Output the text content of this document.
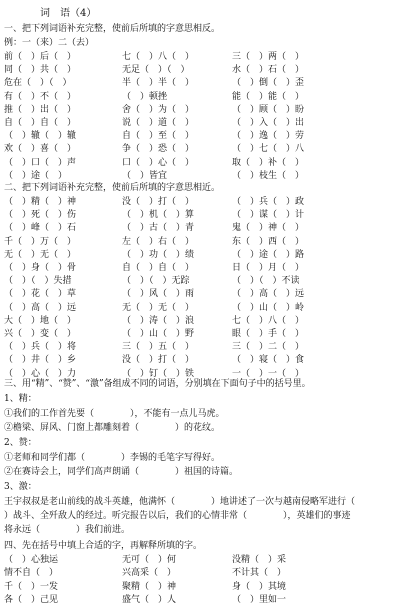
词　语（4）
一、把下列词语补充完整，使前后所填的字意思相反。
例：一（来）二（去）
前（　）后（　）	七（　）八（　）	三（　）两（　）
同（　）共（　）	无足（　）（　）	水（　）石（　）
危在（　）（　）	半（　）半（　）	（　）倒（　）歪
有（　）不（　）	（　）顿挫	能（　）能（　）
推（　）出（　）	舍（　）为（　）	（　）顾（　）盼
自（　）自（　）	说（　）道（　）	（　）入（　）出
（　）辙（　）辙	自（　）至（　）	（　）逸（　）劳
欢（　）喜（　）	争（　）恐（　）	（　）七（　）八
（　）口（　）声	口（　）心（　）	取（　）补（　）
（　）途（　）	（　）皆宜	（　）枝生（　）
二、把下列词语补充完整，使前后所填的字意思相近。
（　）精（　）神	没（　）打（　）	（　）兵（　）政
（　）死（　）伤	（　）机（　）算	（　）谋（　）计
（　）峰（　）石	（　）古（　）青	鬼（　）神（　）
千（　）万（　）	左（　）右（　）	东（　）西（　）
无（　）无（　）	（　）功（　）绩	（　）途（　）路
（　）身（　）骨	自（　）自（　）	日（　）月（　）
（　）（　）失措	（　）（　）无踪	（　）（　）不读
（　）花（　）草	（　）风（　）雨	（　）高（　）远
（　）高（　）远	无（　）无（　）	（　）山（　）岭
大（　）地（　）	（　）涛（　）浪	七（　）八（　）
兴（　）变（　）	（　）山（　）野	眼（　）手（　）
（　）兵（　）将	三（　）五（　）	三（　）二（　）
（　）井（　）乡	没（　）打（　）	（　）寝（　）食
（　）心（　）力	（　）钉（　）铁	一（　）一（　）
三、用“精”、“赞”、“激”备组成不同的词语，分别填在下面句子中的括号里。
1、精：
①我们的工作首先要（　　　　），不能有一点儿马虎。
②檐梁、屏风、门窗上都雕刻着（　　　　）的花纹。
2、赞：
①老师和同学们都（　　　　）李锡的毛笔字写得好。
②在赛诗会上，同学们高声朗诵（　　　　）祖国的诗篇。
3、激：
王宇叔叔是老山前线的战斗英雄，他满怀（　　　　）地讲述了一次与越南侵略军进行（
）战斗、全歼敌人的经过。听完报告以后，我们的心情非常（　　　　），英雄们的事迹
将永远（　　　　）我们前进。
四、先在括号中填上合适的字，再解释所填的字。
（　）心独运	无可（　）何	没精（　）采
情不自（　）	兴高采（　）	不计其（　）
千（　）一发	聚精（　）神	身（　）其境
各（　）己见	盛气（　）人	（　）里如一
